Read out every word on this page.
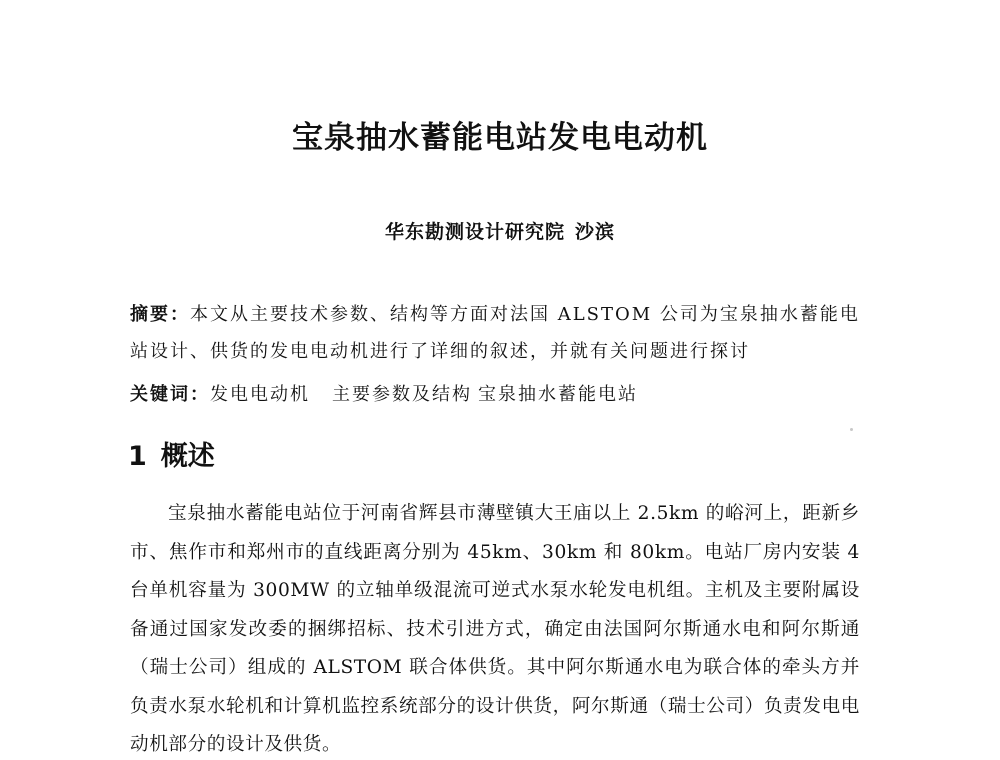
宝泉抽水蓄能电站发电电动机
华东勘测设计研究院 沙滨

摘要：本文从主要技术参数、结构等方面对法国 ALSTOM 公司为宝泉抽水蓄能电站设计、供货的发电电动机进行了详细的叙述，并就有关问题进行探讨

关键词：发电电动机 主要参数及结构 宝泉抽水蓄能电站
1 概述

宝泉抽水蓄能电站位于河南省辉县市薄壁镇大王庙以上 2.5km 的峪河上，距新乡市、焦作市和郑州市的直线距离分别为 45km、30km 和 80km。电站厂房内安装 4 台单机容量为 300MW 的立轴单级混流可逆式水泵水轮发电机组。主机及主要附属设备通过国家发改委的捆绑招标、技术引进方式，确定由法国阿尔斯通水电和阿尔斯通（瑞士公司）组成的 ALSTOM 联合体供货。其中阿尔斯通水电为联合体的牵头方并负责水泵水轮机和计算机监控系统部分的设计供货，阿尔斯通（瑞士公司）负责发电电动机部分的设计及供货。
